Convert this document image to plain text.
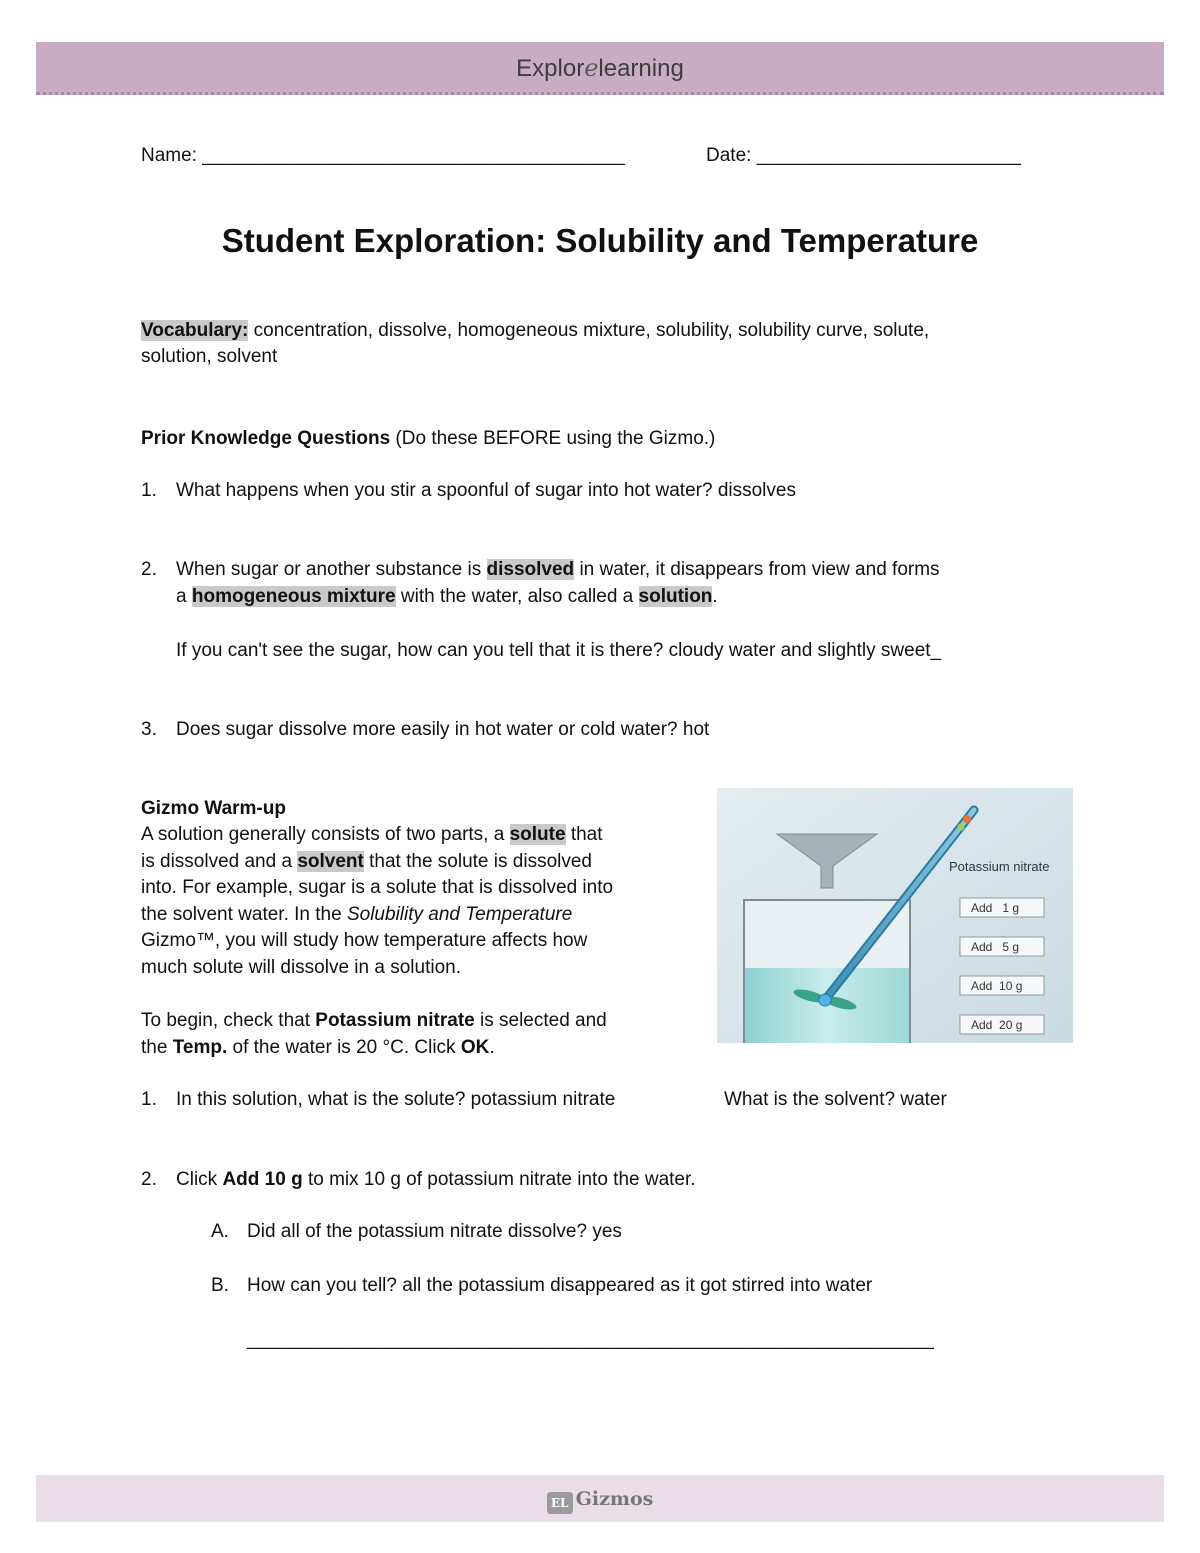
Explorelearning
Name: ________________________________________	Date: _________________________
Student Exploration: Solubility and Temperature
Vocabulary: concentration, dissolve, homogeneous mixture, solubility, solubility curve, solute,
solution, solvent
Prior Knowledge Questions (Do these BEFORE using the Gizmo.)
1. What happens when you stir a spoonful of sugar into hot water? dissolves
2. When sugar or another substance is dissolved in water, it disappears from view and forms
a homogeneous mixture with the water, also called a solution.
If you can't see the sugar, how can you tell that it is there? cloudy water and slightly sweet_
3. Does sugar dissolve more easily in hot water or cold water? hot
Gizmo Warm-up
A solution generally consists of two parts, a solute that
is dissolved and a solvent that the solute is dissolved
into. For example, sugar is a solute that is dissolved into
the solvent water. In the Solubility and Temperature
Gizmo™, you will study how temperature affects how
much solute will dissolve in a solution.
To begin, check that Potassium nitrate is selected and
the Temp. of the water is 20 °C. Click OK.
Potassium nitrate
Add   1 g
Add   5 g
Add  10 g
Add  20 g
1. In this solution, what is the solute? potassium nitrate	What is the solvent? water
2. Click Add 10 g to mix 10 g of potassium nitrate into the water.
A. Did all of the potassium nitrate dissolve? yes
B. How can you tell? all the potassium disappeared as it got stirred into water
_________________________________________________________________
EL Gizmos
